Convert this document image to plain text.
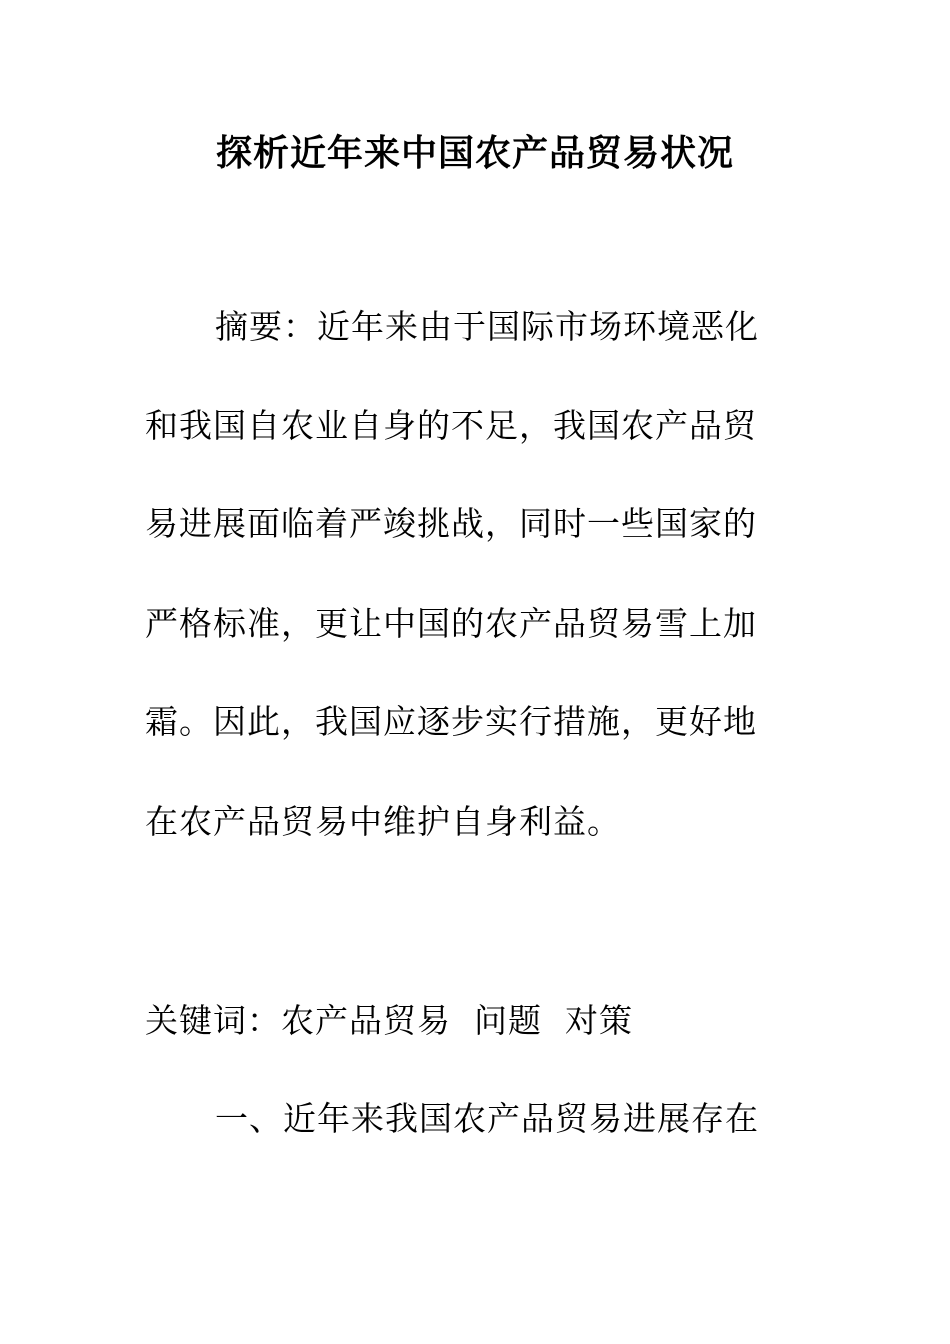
探析近年来中国农产品贸易状况
摘要：近年来由于国际市场环境恶化
和我国自农业自身的不足，我国农产品贸
易进展面临着严竣挑战，同时一些国家的
严格标准，更让中国的农产品贸易雪上加
霜。因此，我国应逐步实行措施，更好地
在农产品贸易中维护自身利益。
关键词：农产品贸易  问题  对策
一、近年来我国农产品贸易进展存在
